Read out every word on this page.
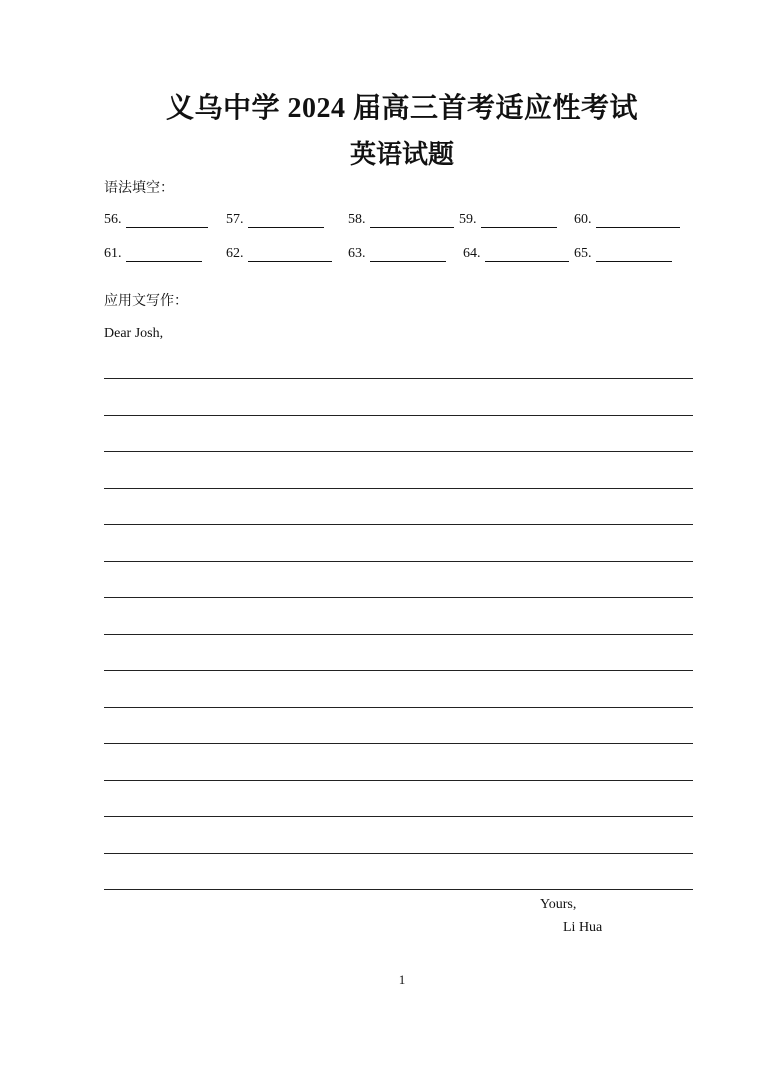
义乌中学 2024 届高三首考适应性考试
英语试题
语法填空：
56.	57.	58.	59.	60.
61.	62.	63.	64.	65.
应用文写作：
Dear Josh,
Yours,
Li Hua
1
